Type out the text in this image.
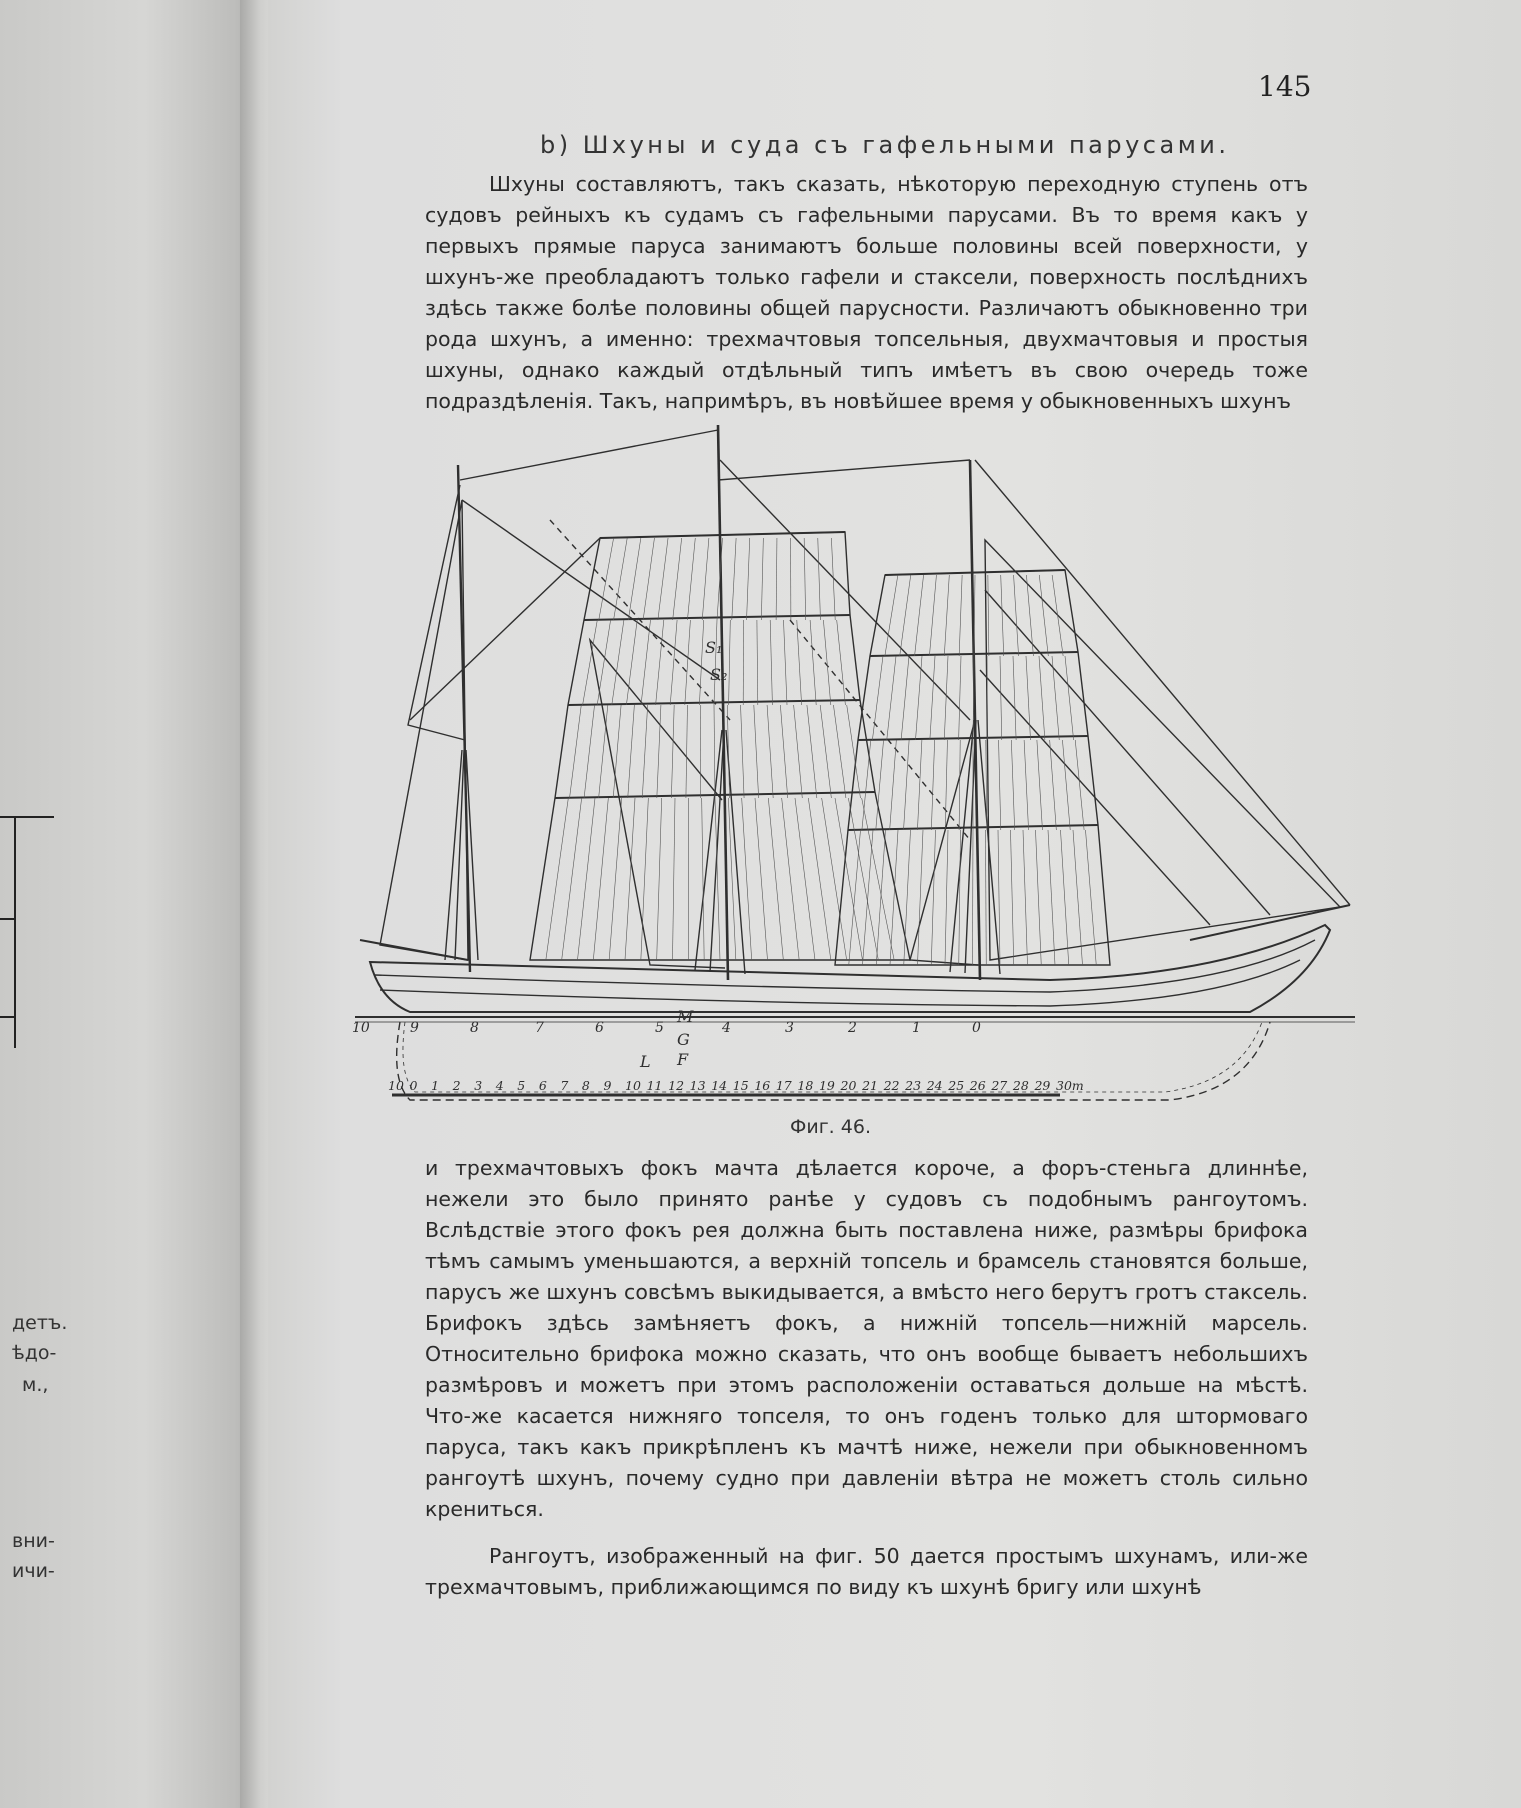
детъ.
ѣдо-
м.,
вни-
ичи-
145
b) Шхуны и суда съ гафельными парусами.

Шхуны составляютъ, такъ сказать, нѣкоторую переходную ступень отъ судовъ рейныхъ къ судамъ съ гафельными парусами. Въ то время какъ у первыхъ прямые паруса занимаютъ больше половины всей поверхности, у шхунъ-же преобладаютъ только гафели и стаксели, поверхность послѣднихъ здѣсь также болѣе половины общей парусности. Различаютъ обыкновенно три рода шхунъ, а именно: трехмачтовыя топсельныя, двухмачтовыя и простыя шхуны, однако каждый отдѣльный типъ имѣетъ въ свою очередь тоже подраздѣленія. Такъ, напримѣръ, въ новѣйшее время у обыкновенныхъ шхунъ

S₁
S₂
M
G
F
L
10	9	8	7	6	5	4	3	2	1	0
10 0 1 2 3 4 5 6 7 8 9 10 11 12 13 14 15 16 17 18 19 20 21 22 23 24 25 26 27 28 29 30m
Фиг. 46.

и трехмачтовыхъ фокъ мачта дѣлается короче, а форъ-стеньга длиннѣе, нежели это было принято ранѣе у судовъ съ подобнымъ рангоутомъ. Вслѣдствіе этого фокъ рея должна быть поставлена ниже, размѣры брифока тѣмъ самымъ уменьшаются, а верхній топсель и брамсель становятся больше, парусъ же шхунъ совсѣмъ выкидывается, а вмѣсто него берутъ гротъ стаксель. Брифокъ здѣсь замѣняетъ фокъ, а нижній топсель—нижній марсель. Относительно брифока можно сказать, что онъ вообще бываетъ небольшихъ размѣровъ и можетъ при этомъ расположеніи оставаться дольше на мѣстѣ. Что-же касается нижняго топселя, то онъ годенъ только для штормоваго паруса, такъ какъ прикрѣпленъ къ мачтѣ ниже, нежели при обыкновенномъ рангоутѣ шхунъ, почему судно при давленіи вѣтра не можетъ столь сильно крениться.

Рангоутъ, изображенный на фиг. 50 дается простымъ шхунамъ, или-же трехмачтовымъ, приближающимся по виду къ шхунѣ бригу или шхунѣ
